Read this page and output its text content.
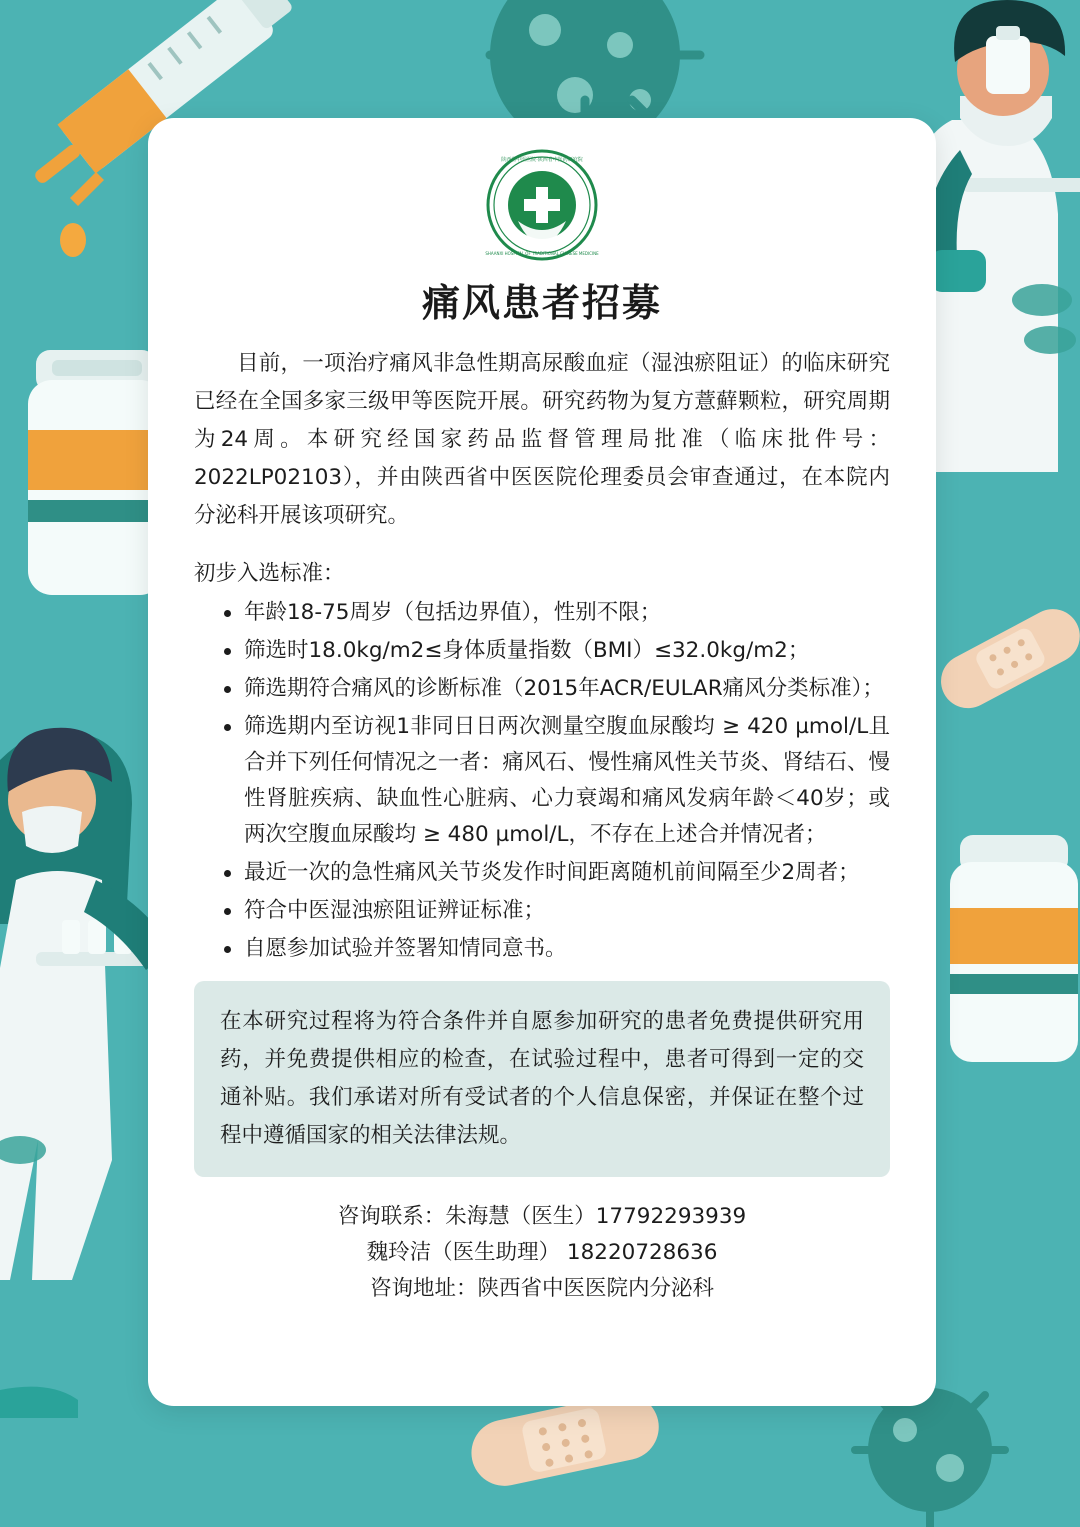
陕西省中医医院·陕西省中医药研究院
SHAANXI HOSPITAL OF TRADITIONAL CHINESE MEDICINE
痛风患者招募

目前，一项治疗痛风非急性期高尿酸血症（湿浊瘀阻证）的临床研究已经在全国多家三级甲等医院开展。研究药物为复方薏蘚颗粒，研究周期为24周。本研究经国家药品监督管理局批准（临床批件号：2022LP02103），并由陕西省中医医院伦理委员会审查通过，在本院内分泌科开展该项研究。

初步入选标准：
年龄18-75周岁（包括边界值），性别不限；
筛选时18.0kg/m2≤身体质量指数（BMI）≤32.0kg/m2；
筛选期符合痛风的诊断标准（2015年ACR/EULAR痛风分类标准）；
筛选期内至访视1非同日日两次测量空腹血尿酸均 ≥ 420 µmol/L且合并下列任何情况之一者：痛风石、慢性痛风性关节炎、肾结石、慢性肾脏疾病、缺血性心脏病、心力衰竭和痛风发病年龄＜40岁；或两次空腹血尿酸均 ≥ 480 µmol/L，不存在上述合并情况者；
最近一次的急性痛风关节炎发作时间距离随机前间隔至少2周者；
符合中医湿浊瘀阻证辨证标准；
自愿参加试验并签署知情同意书。

在本研究过程将为符合条件并自愿参加研究的患者免费提供研究用药，并免费提供相应的检查，在试验过程中，患者可得到一定的交通补贴。我们承诺对所有受试者的个人信息保密，并保证在整个过程中遵循国家的相关法律法规。

咨询联系：朱海慧（医生）17792293939
魏玲洁（医生助理） 18220728636
咨询地址：陕西省中医医院内分泌科
